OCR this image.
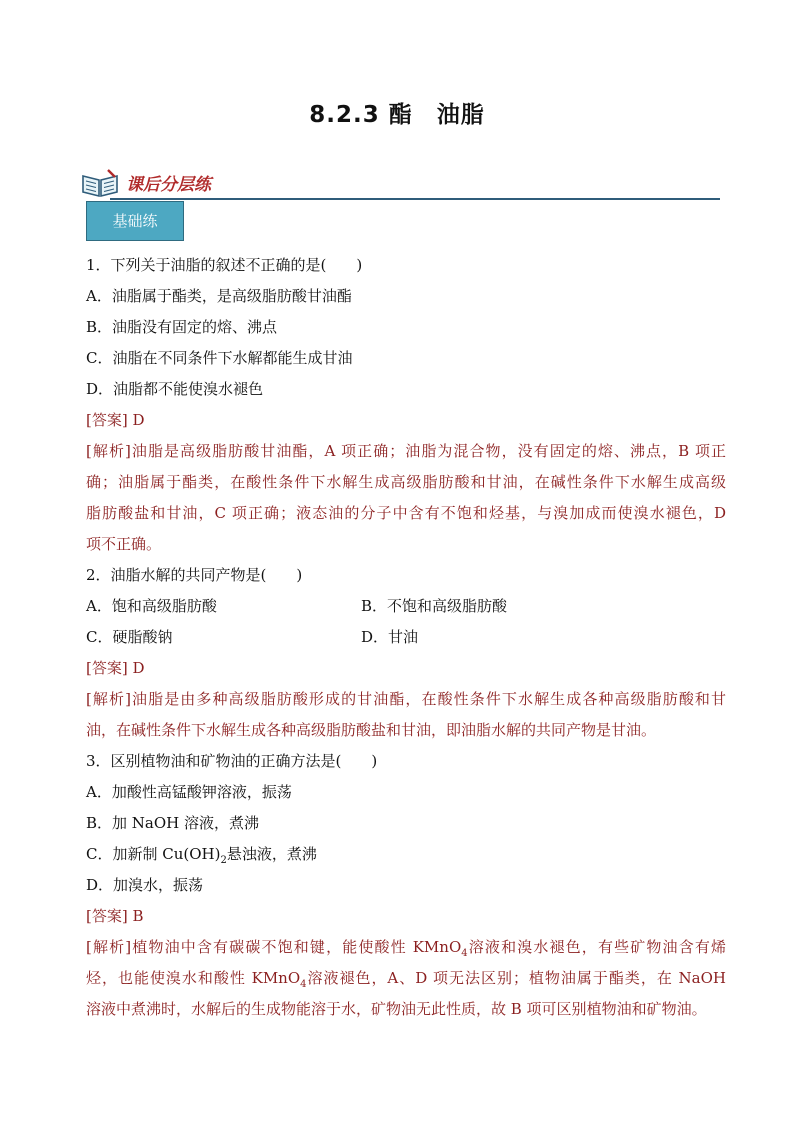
8.2.3 酯　油脂
课后分层练
基础练
1．下列关于油脂的叙述不正确的是(　　)
A．油脂属于酯类，是高级脂肪酸甘油酯
B．油脂没有固定的熔、沸点
C．油脂在不同条件下水解都能生成甘油
D．油脂都不能使溴水褪色
[答案] D
[解析]油脂是高级脂肪酸甘油酯，A 项正确；油脂为混合物，没有固定的熔、沸点，B 项正
确；油脂属于酯类，在酸性条件下水解生成高级脂肪酸和甘油，在碱性条件下水解生成高级
脂肪酸盐和甘油，C 项正确；液态油的分子中含有不饱和烃基，与溴加成而使溴水褪色，D
项不正确。
2．油脂水解的共同产物是(　　)
A．饱和高级脂肪酸	B．不饱和高级脂肪酸
C．硬脂酸钠	D．甘油
[答案] D
[解析]油脂是由多种高级脂肪酸形成的甘油酯，在酸性条件下水解生成各种高级脂肪酸和甘
油，在碱性条件下水解生成各种高级脂肪酸盐和甘油，即油脂水解的共同产物是甘油。
3．区别植物油和矿物油的正确方法是(　　)
A．加酸性高锰酸钾溶液，振荡
B．加 NaOH 溶液，煮沸
C．加新制 $Cu(OH)_2$悬浊液，煮沸
D．加溴水，振荡
[答案] B
[解析]植物油中含有碳碳不饱和键，能使酸性 KMnO$_4$溶液和溴水褪色，有些矿物油含有烯
烃，也能使溴水和酸性 KMnO$_4$溶液褪色，A、D 项无法区别；植物油属于酯类，在 NaOH
溶液中煮沸时，水解后的生成物能溶于水，矿物油无此性质，故 B 项可区别植物油和矿物油。
